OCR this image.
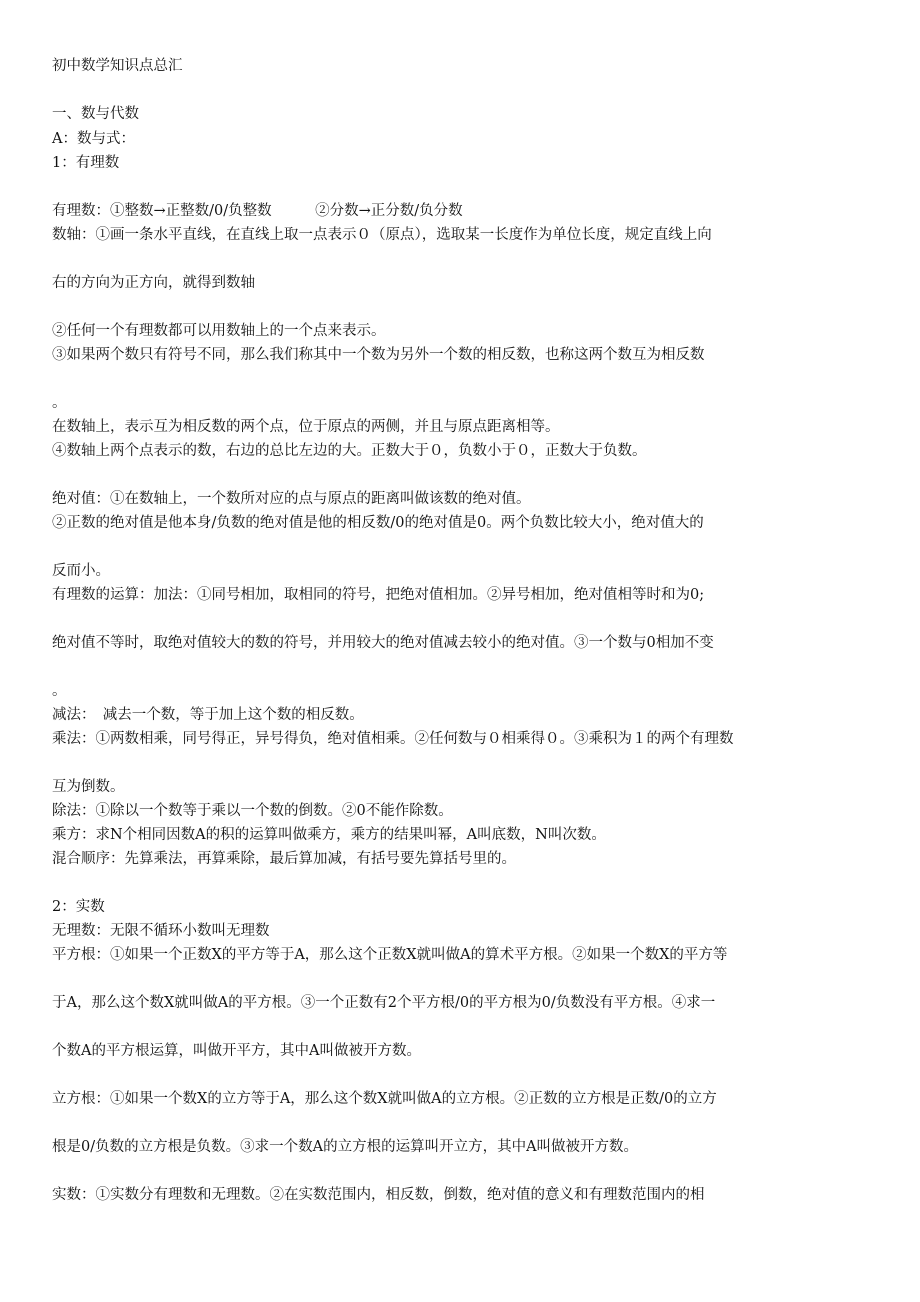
初中数学知识点总汇
一、数与代数
A：数与式：
1：有理数
有理数：①整数→正整数/0/负整数　　　②分数→正分数/负分数
数轴：①画一条水平直线，在直线上取一点表示０（原点），选取某一长度作为单位长度，规定直线上向
右的方向为正方向，就得到数轴
②任何一个有理数都可以用数轴上的一个点来表示。
③如果两个数只有符号不同，那么我们称其中一个数为另外一个数的相反数，也称这两个数互为相反数
。
在数轴上，表示互为相反数的两个点，位于原点的两侧，并且与原点距离相等。
④数轴上两个点表示的数，右边的总比左边的大。正数大于０，负数小于０，正数大于负数。
绝对值：①在数轴上，一个数所对应的点与原点的距离叫做该数的绝对值。
②正数的绝对值是他本身/负数的绝对值是他的相反数/0的绝对值是0。两个负数比较大小，绝对值大的
反而小。
有理数的运算：加法：①同号相加，取相同的符号，把绝对值相加。②异号相加，绝对值相等时和为0;
绝对值不等时，取绝对值较大的数的符号，并用较大的绝对值减去较小的绝对值。③一个数与0相加不变
。
减法：　减去一个数，等于加上这个数的相反数。
乘法：①两数相乘，同号得正，异号得负，绝对值相乘。②任何数与０相乘得０。③乘积为１的两个有理数
互为倒数。
除法：①除以一个数等于乘以一个数的倒数。②0不能作除数。
乘方：求N个相同因数A的积的运算叫做乘方，乘方的结果叫幂，A叫底数，N叫次数。
混合顺序：先算乘法，再算乘除，最后算加减，有括号要先算括号里的。
2：实数
无理数：无限不循环小数叫无理数
平方根：①如果一个正数X的平方等于A，那么这个正数X就叫做A的算术平方根。②如果一个数X的平方等
于A，那么这个数X就叫做A的平方根。③一个正数有2个平方根/0的平方根为0/负数没有平方根。④求一
个数A的平方根运算，叫做开平方，其中A叫做被开方数。
立方根：①如果一个数X的立方等于A，那么这个数X就叫做A的立方根。②正数的立方根是正数/0的立方
根是0/负数的立方根是负数。③求一个数A的立方根的运算叫开立方，其中A叫做被开方数。
实数：①实数分有理数和无理数。②在实数范围内，相反数，倒数，绝对值的意义和有理数范围内的相
